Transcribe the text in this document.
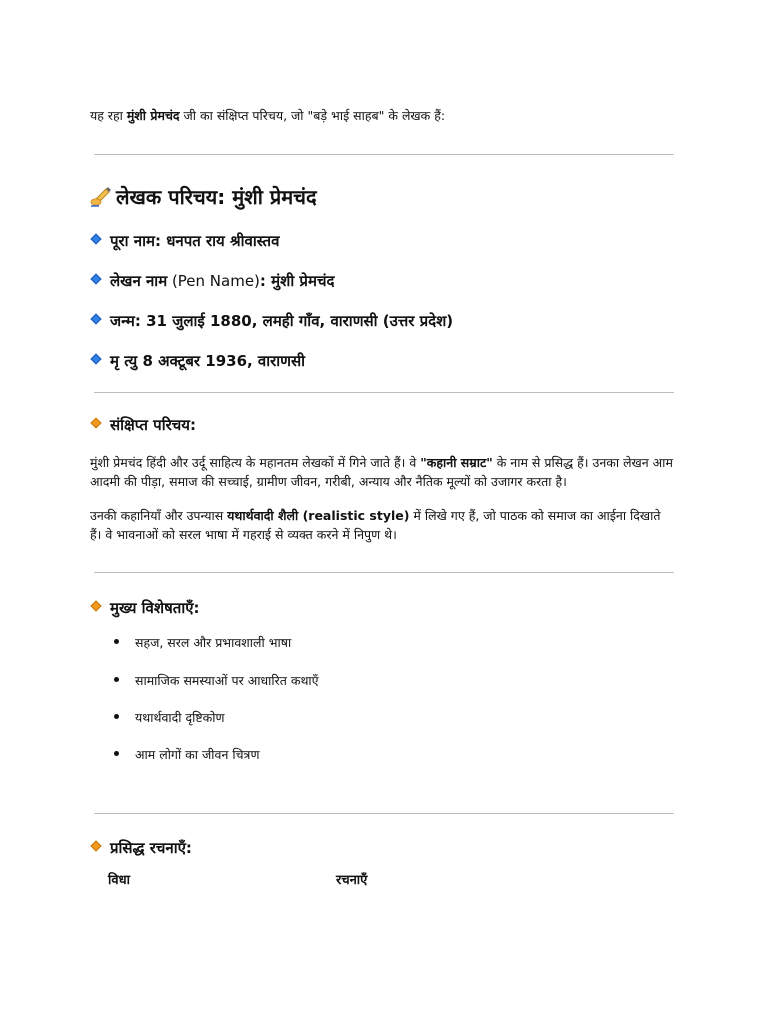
यह रहा मुंशी प्रेमचंद जी का संक्षिप्त परिचय, जो "बड़े भाई साहब" के लेखक हैं:
लेखक परिचय: मुंशी प्रेमचंद
पूरा नाम: धनपत राय श्रीवास्तव
लेखन नाम (Pen Name): मुंशी प्रेमचंद
जन्म: 31 जुलाई 1880, लमही गाँव, वाराणसी (उत्तर प्रदेश)
मृ त्यु 8 अक्टूबर 1936, वाराणसी
संक्षिप्त परिचय:
मुंशी प्रेमचंद हिंदी और उर्दू साहित्य के महानतम लेखकों में गिने जाते हैं। वे "कहानी सम्राट" के नाम से प्रसिद्ध हैं। उनका लेखन आम आदमी की पीड़ा, समाज की सच्चाई, ग्रामीण जीवन, गरीबी, अन्याय और नैतिक मूल्यों को उजागर करता है।
उनकी कहानियाँ और उपन्यास यथार्थवादी शैली (realistic style) में लिखे गए हैं, जो पाठक को समाज का आईना दिखाते हैं। वे भावनाओं को सरल भाषा में गहराई से व्यक्त करने में निपुण थे।
मुख्य विशेषताएँ:
सहज, सरल और प्रभावशाली भाषा
सामाजिक समस्याओं पर आधारित कथाएँ
यथार्थवादी दृष्टिकोण
आम लोगों का जीवन चित्रण
प्रसिद्ध रचनाएँ:
विधा	रचनाएँ
